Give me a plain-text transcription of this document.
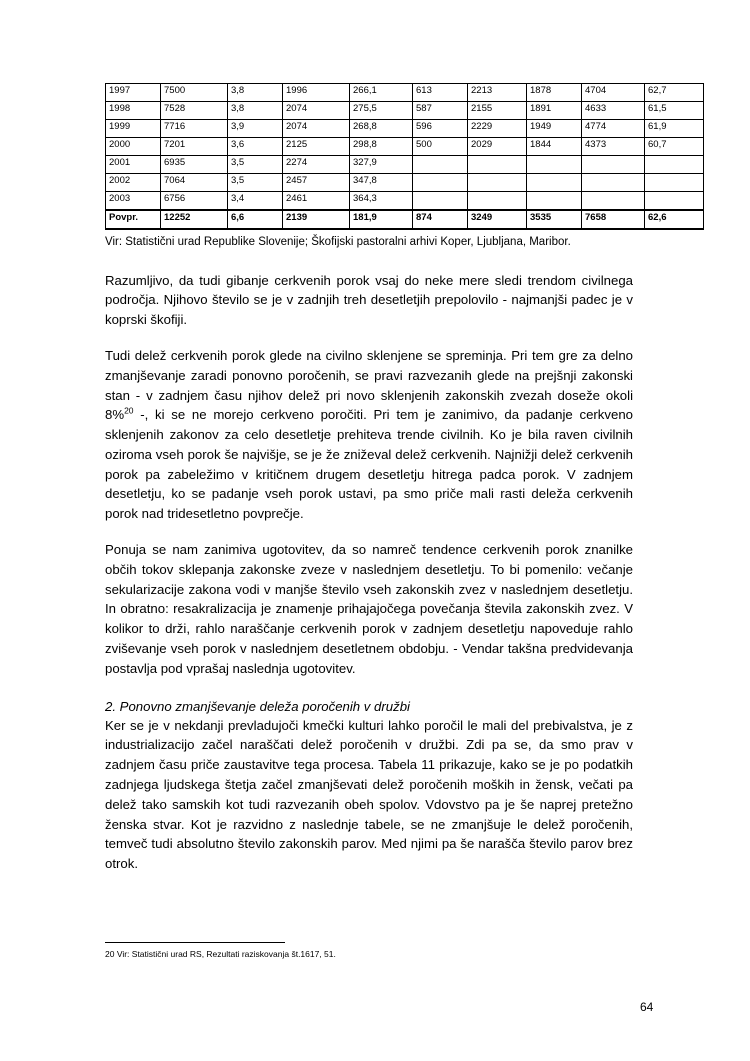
1997	7500	3,8	1996	266,1	613	2213	1878	4704	62,7
1998	7528	3,8	2074	275,5	587	2155	1891	4633	61,5
1999	7716	3,9	2074	268,8	596	2229	1949	4774	61,9
2000	7201	3,6	2125	298,8	500	2029	1844	4373	60,7
2001	6935	3,5	2274	327,9					
2002	7064	3,5	2457	347,8					
2003	6756	3,4	2461	364,3					
Povpr.	12252	6,6	2139	181,9	874	3249	3535	7658	62,6
Vir: Statistični urad Republike Slovenije; Škofijski pastoralni arhivi Koper, Ljubljana, Maribor.

Razumljivo, da tudi gibanje cerkvenih porok vsaj do neke mere sledi trendom civilnega področja. Njihovo število se je v zadnjih treh desetletjih prepolovilo - najmanjši padec je v koprski škofiji.

Tudi delež cerkvenih porok glede na civilno sklenjene se spreminja. Pri tem gre za delno zmanjševanje zaradi ponovno poročenih, se pravi razvezanih glede na prejšnji zakonski stan - v zadnjem času njihov delež pri novo sklenjenih zakonskih zvezah doseže okoli 8%$^{20}$ -, ki se ne morejo cerkveno poročiti. Pri tem je zanimivo, da padanje cerkveno sklenjenih zakonov za celo desetletje prehiteva trende civilnih. Ko je bila raven civilnih oziroma vseh porok še najvišje, se je že zniževal delež cerkvenih. Najnižji delež cerkvenih porok pa zabeležimo v kritičnem drugem desetletju hitrega padca porok. V zadnjem desetletju, ko se padanje vseh porok ustavi, pa smo priče mali rasti deleža cerkvenih porok nad tridesetletno povprečje.

Ponuja se nam zanimiva ugotovitev, da so namreč tendence cerkvenih porok znanilke občih tokov sklepanja zakonske zveze v naslednjem desetletju. To bi pomenilo: večanje sekularizacije zakona vodi v manjše število vseh zakonskih zvez v naslednjem desetletju. In obratno: resakralizacija je znamenje prihajajočega povečanja števila zakonskih zvez. V kolikor to drži, rahlo naraščanje cerkvenih porok v zadnjem desetletju napoveduje rahlo zviševanje vseh porok v naslednjem desetletnem obdobju. - Vendar takšna predvidevanja postavlja pod vprašaj naslednja ugotovitev.

2. Ponovno zmanjševanje deleža poročenih v družbi

Ker se je v nekdanji prevladujoči kmečki kulturi lahko poročil le mali del prebivalstva, je z industrializacijo začel naraščati delež poročenih v družbi. Zdi pa se, da smo prav v zadnjem času priče zaustavitve tega procesa. Tabela 11 prikazuje, kako se je po podatkih zadnjega ljudskega štetja začel zmanjševati delež poročenih moških in žensk, večati pa delež tako samskih kot tudi razvezanih obeh spolov. Vdovstvo pa je še naprej pretežno ženska stvar. Kot je razvidno z naslednje tabele, se ne zmanjšuje le delež poročenih, temveč tudi absolutno število zakonskih parov. Med njimi pa še narašča število parov brez otrok.

20 Vir: Statistični urad RS, Rezultati raziskovanja št.1617, 51.
64
